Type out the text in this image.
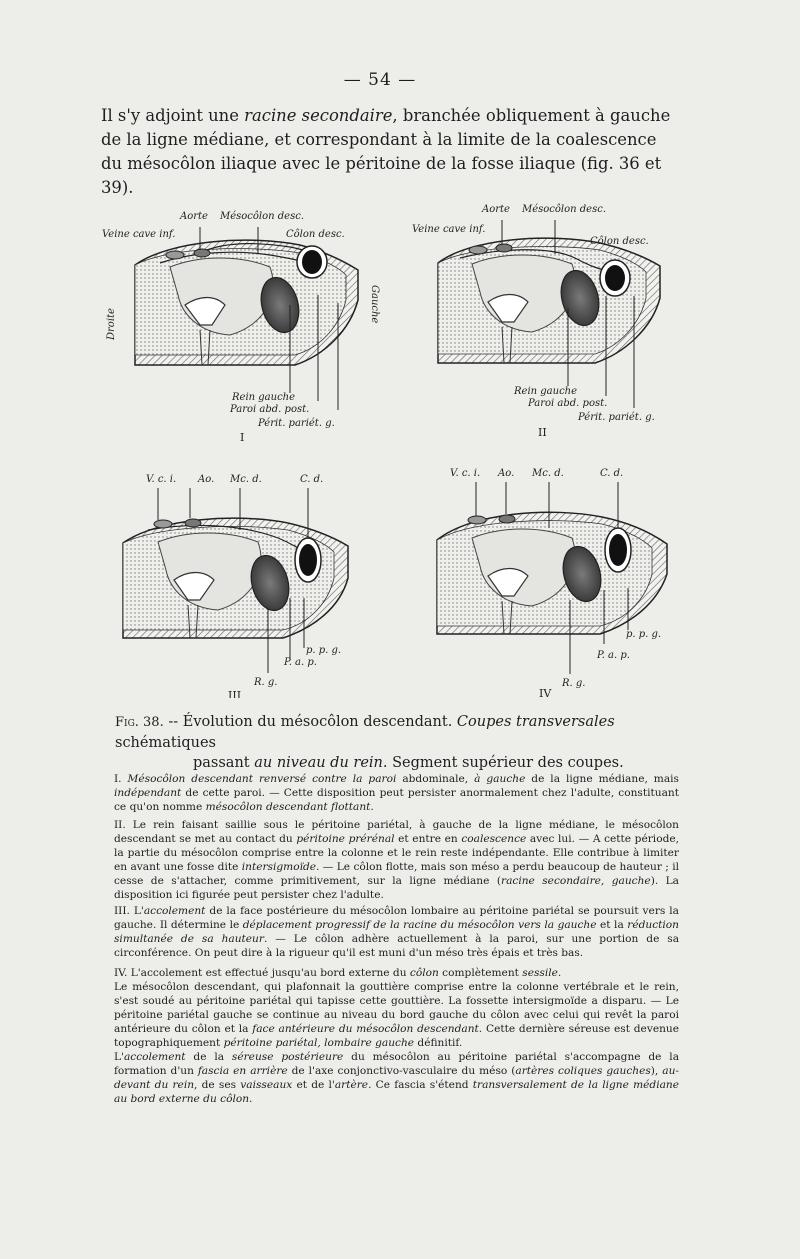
— 54 —

Il s'y adjoint une racine secondaire, branchée obliquement à gauche de la ligne médiane, et correspondant à la limite de la coalescence du mésocôlon iliaque avec le péritoine de la fosse iliaque (fig. 36 et 39).

Aorte Mésocôlon desc.
Veine cave inf.	Côlon desc.
Droite
Gauche
Rein gauche
Paroi abd. post.
Périt. pariét. g.
I
Aorte Mésocôlon desc.
Veine cave inf.
Côlon desc.
Rein gauche
Paroi abd. post.
Périt. pariét. g.
II
V. c. i. Ao. Mc. d.	C. d.
p. p. g.
P. a. p.
R. g.
III
V. c. i. Ao. Mc. d.	C. d.
p. p. g.
P. a. p.
R. g.
IV

Fig. 38. -- Évolution du mésocôlon descendant. Coupes transversales schématiques
passant au niveau du rein. Segment supérieur des coupes.

I. Mésocôlon descendant renversé contre la paroi abdominale, à gauche de la ligne médiane, mais indépendant de cette paroi. — Cette disposition peut persister anormalement chez l'adulte, constituant ce qu'on nomme mésocôlon descendant flottant.

II. Le rein faisant saillie sous le péritoine pariétal, à gauche de la ligne médiane, le mésocôlon descendant se met au contact du péritoine prérénal et entre en coalescence avec lui. — A cette période, la partie du mésocôlon comprise entre la colonne et le rein reste indépendante. Elle contribue à limiter en avant une fosse dite intersigmoïde. — Le côlon flotte, mais son méso a perdu beaucoup de hauteur ; il cesse de s'attacher, comme primitivement, sur la ligne médiane (racine secondaire, gauche). La disposition ici figurée peut persister chez l'adulte.

III. L'accolement de la face postérieure du mésocôlon lombaire au péritoine pariétal se poursuit vers la gauche. Il détermine le déplacement progressif de la racine du mésocôlon vers la gauche et la réduction simultanée de sa hauteur. — Le côlon adhère actuellement à la paroi, sur une portion de sa circonférence. On peut dire à la rigueur qu'il est muni d'un méso très épais et très bas.

IV. L'accolement est effectué jusqu'au bord externe du côlon complètement sessile.

Le mésocôlon descendant, qui plafonnait la gouttière comprise entre la colonne vertébrale et le rein, s'est soudé au péritoine pariétal qui tapisse cette gouttière. La fossette intersigmoïde a disparu. — Le péritoine pariétal gauche se continue au niveau du bord gauche du côlon avec celui qui revêt la paroi antérieure du côlon et la face antérieure du mésocôlon descendant. Cette dernière séreuse est devenue topographiquement péritoine pariétal, lombaire gauche définitif.

L'accolement de la séreuse postérieure du mésocôlon au péritoine pariétal s'accompagne de la formation d'un fascia en arrière de l'axe conjonctivo-vasculaire du méso (artères coliques gauches), au-devant du rein, de ses vaisseaux et de l'artère. Ce fascia s'étend transversalement de la ligne médiane au bord externe du côlon.
